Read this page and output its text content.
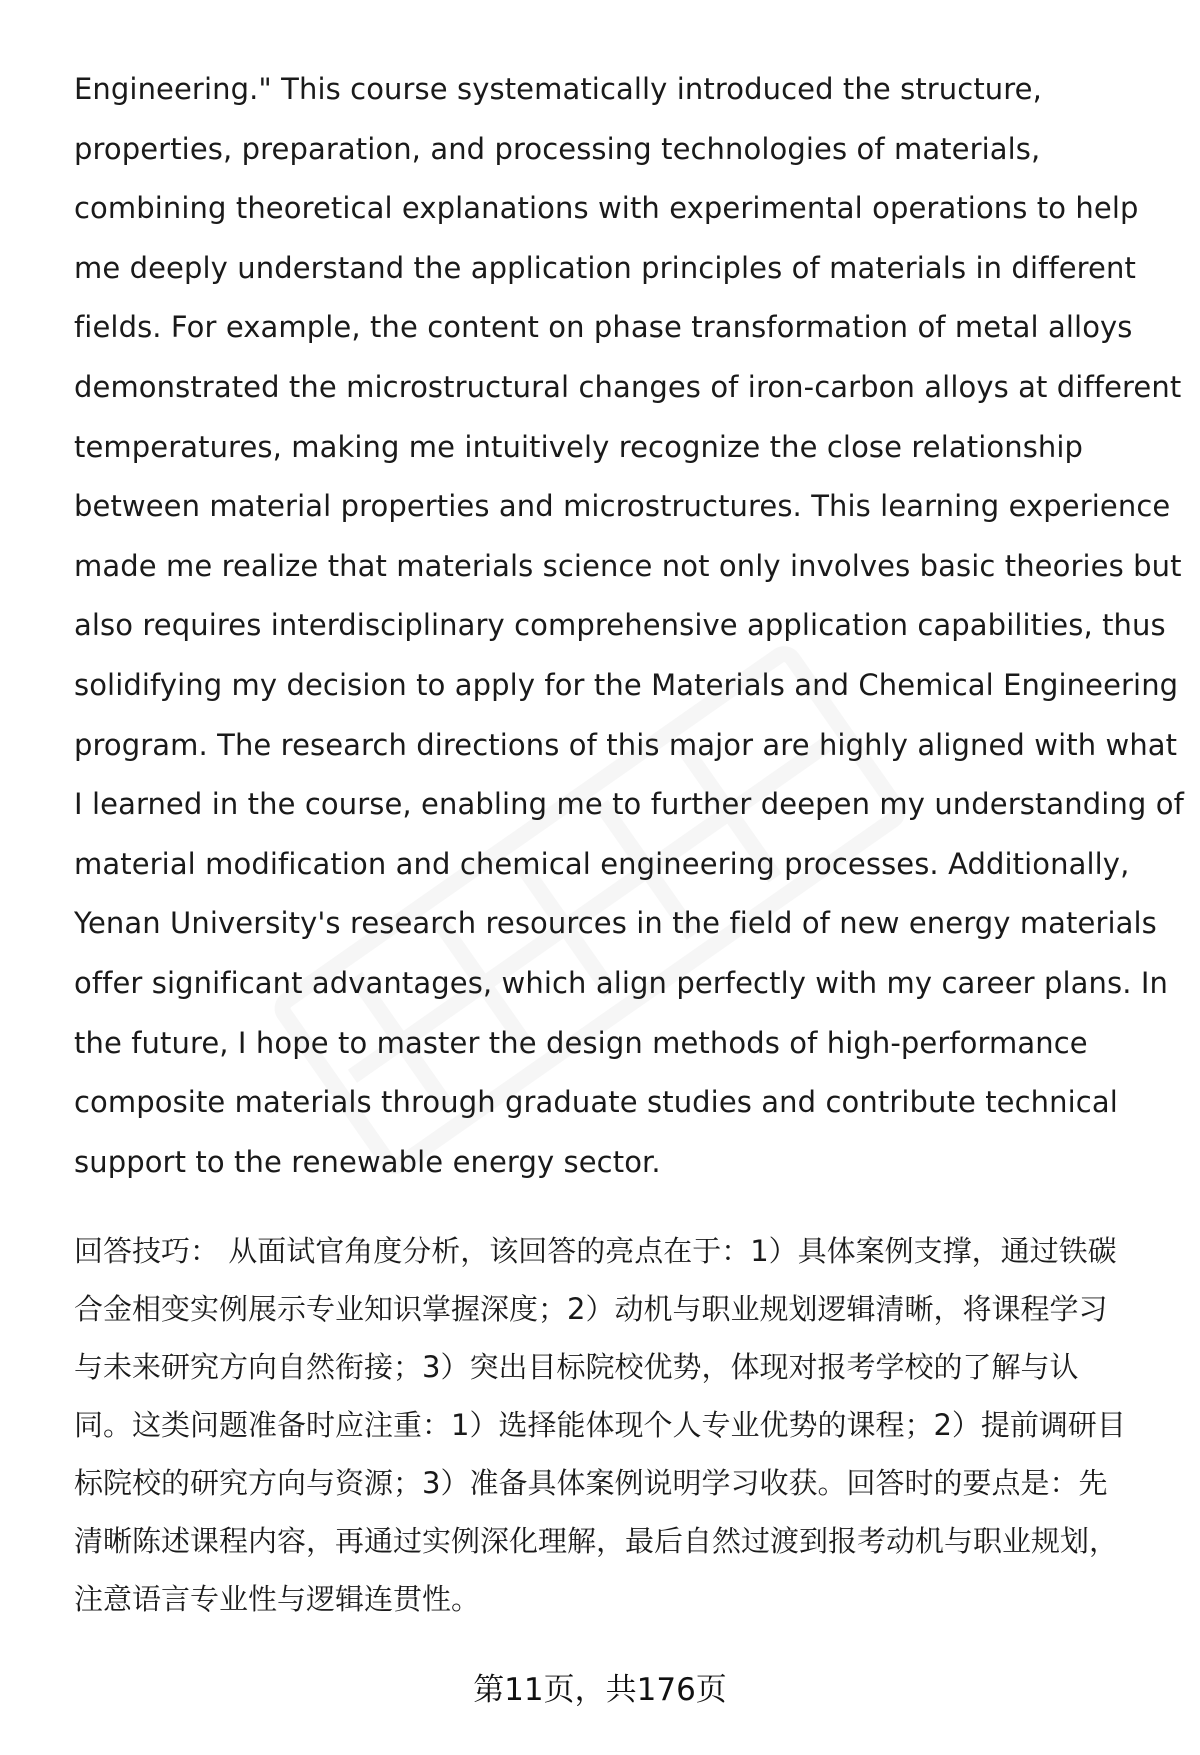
Engineering." This course systematically introduced the structure,
properties, preparation, and processing technologies of materials,
combining theoretical explanations with experimental operations to help
me deeply understand the application principles of materials in different
fields. For example, the content on phase transformation of metal alloys
demonstrated the microstructural changes of iron-carbon alloys at different
temperatures, making me intuitively recognize the close relationship
between material properties and microstructures. This learning experience
made me realize that materials science not only involves basic theories but
also requires interdisciplinary comprehensive application capabilities, thus
solidifying my decision to apply for the Materials and Chemical Engineering
program. The research directions of this major are highly aligned with what
I learned in the course, enabling me to further deepen my understanding of
material modification and chemical engineering processes. Additionally,
Yenan University's research resources in the field of new energy materials
offer significant advantages, which align perfectly with my career plans. In
the future, I hope to master the design methods of high-performance
composite materials through graduate studies and contribute technical
support to the renewable energy sector.
回答技巧： 从面试官角度分析，该回答的亮点在于：1）具体案例支撑，通过铁碳
合金相变实例展示专业知识掌握深度；2）动机与职业规划逻辑清晰，将课程学习
与未来研究方向自然衔接；3）突出目标院校优势，体现对报考学校的了解与认
同。这类问题准备时应注重：1）选择能体现个人专业优势的课程；2）提前调研目
标院校的研究方向与资源；3）准备具体案例说明学习收获。回答时的要点是：先
清晰陈述课程内容，再通过实例深化理解，最后自然过渡到报考动机与职业规划，
注意语言专业性与逻辑连贯性。
第11页，共176页
